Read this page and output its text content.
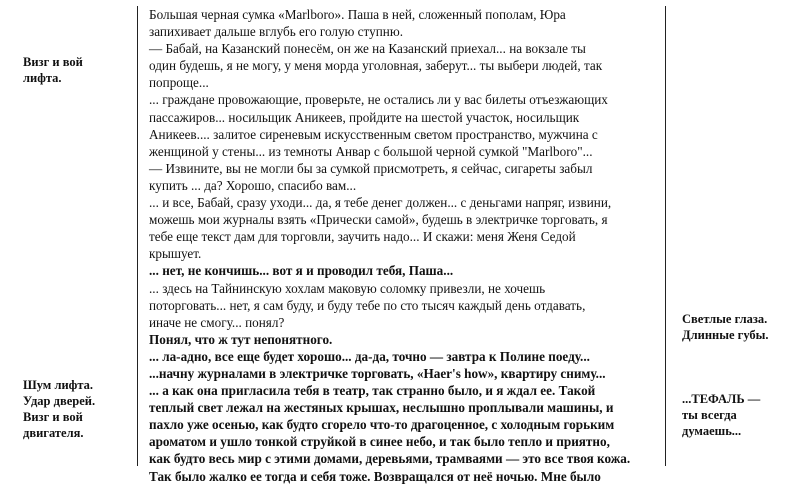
Визг и вой
лифта.
Шум лифта.
Удар дверей.
Визг и вой
двигателя.
Светлые глаза.
Длинные губы.
...ТЕФАЛЬ —
ты всегда
думаешь...
Большая черная сумка «Marlboro». Паша в ней, сложенный пополам, Юра
запихивает дальше вглубь его голую ступню.
— Бабай, на Казанский понесём, он же на Казанский приехал... на вокзале ты
один будешь, я не могу, у меня морда уголовная, заберут... ты выбери людей, так
попроще...
... граждане провожающие, проверьте, не остались ли у вас билеты отъезжающих
пассажиров... носильщик Аникеев, пройдите на шестой участок, носильщик
Аникеев.... залитое сиреневым искусственным светом пространство, мужчина с
женщиной у стены... из темноты Анвар с большой черной сумкой "Marlboro"...
— Извините, вы не могли бы за сумкой присмотреть, я сейчас, сигареты забыл
купить ... да? Хорошо, спасибо вам...
... и все, Бабай, сразу уходи... да, я тебе денег должен... с деньгами напряг, извини,
можешь мои журналы взять «Прически самой», будешь в электричке торговать, я
тебе еще текст дам для торговли, заучить надо... И скажи: меня Женя Седой
крышует.
... нет, не кончишь... вот я и проводил тебя, Паша...
... здесь на Тайнинскую хохлам маковую соломку привезли, не хочешь
поторговать... нет, я сам буду, и буду тебе по сто тысяч каждый день отдавать,
иначе не смогу... понял?
Понял, что ж тут непонятного.
... ла-адно, все еще будет хорошо... да-да, точно — завтра к Полине поеду...
...начну журналами в электричке торговать, «Haer's how», квартиру сниму...
... а как она пригласила тебя в театр, так странно было, и я ждал ее. Такой
теплый свет лежал на жестяных крышах, неслышно проплывали машины, и
пахло уже осенью, как будто сгорело что-то драгоценное, с холодным горьким
ароматом и ушло тонкой струйкой в синее небо, и так было тепло и приятно,
как будто весь мир с этими домами, деревьями, трамваями — это все твоя кожа.
Так было жалко ее тогда и себя тоже. Возвращался от неё ночью. Мне было
